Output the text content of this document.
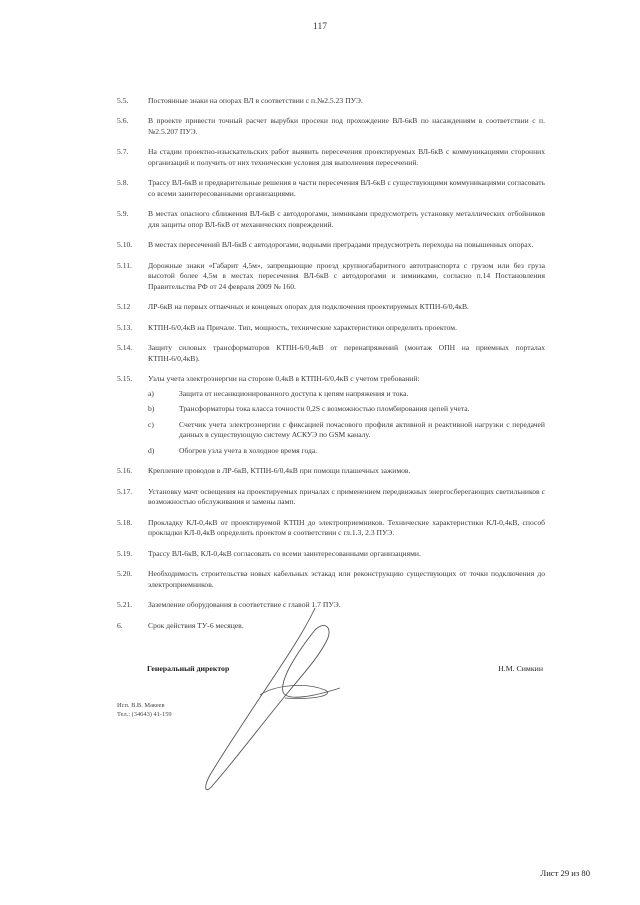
117
5.5.	Постоянные знаки на опорах ВЛ в соответствии с п.№2.5.23 ПУЭ.
5.6.	В проекте привести точный расчет вырубки просеки под прохождение ВЛ-6кВ по насаждениям в соответствии с п.№2.5.207 ПУЭ.
5.7.	На стадии проектно-изыскательских работ выявить пересечения проектируемых ВЛ-6кВ с коммуникациями сторонних организаций и получить от них технические условия для выполнения пересечений.
5.8.	Трассу ВЛ-6кВ и предварительные решения в части пересечения ВЛ-6кВ с существующими коммуникациями согласовать со всеми заинтересованными организациями.
5.9.	В местах опасного сближения ВЛ-6кВ с автодорогами, зимниками предусмотреть установку металлических отбойников для защиты опор ВЛ-6кВ от механических повреждений.
5.10.	В местах пересечений ВЛ-6кВ с автодорогами, водными преградами предусмотреть переходы на повышенных опорах.
5.11.	Дорожные знаки «Габарит 4,5м», запрещающие проезд крупногабаритного автотранспорта с грузом или без груза высотой более 4,5м в местах пересечения ВЛ-6кВ с автодорогами и зимниками, согласно п.14 Постановления Правительства РФ от 24 февраля 2009 № 160.
5.12	ЛР-6кВ на первых отпаечных и концевых опорах для подключения проектируемых КТПН-6/0,4кВ.
5.13.	КТПН-6/0,4кВ на Причале. Тип, мощность, технические характеристики определить проектом.
5.14.	Защиту силовых трансформаторов КТПН-6/0,4кВ от перенапряжений (монтаж ОПН на приемных порталах КТПН-6/0,4кВ).
5.15.	Узлы учета электроэнергии на стороне 0,4кВ в КТПН-6/0,4кВ с учетом требований:
a)	Защита от несанкционированного доступа к цепям напряжения и тока.
b)	Трансформаторы тока класса точности 0,2S с возможностью пломбирования цепей учета.
c)	Счетчик учета электроэнергии с фиксацией почасового профиля активной и реактивной нагрузки с передачей данных в существующую систему АСКУЭ по GSM каналу.
d)	Обогрев узла учета в холодное время года.
5.16.	Крепление проводов в ЛР-6кВ, КТПН-6/0,4кВ при помощи плашечных зажимов.
5.17.	Установку мачт освещения на проектируемых причалах с применением передвижных энергосберегающих светильников с возможностью обслуживания и замены ламп.
5.18.	Прокладку КЛ-0,4кВ от проектируемой КТПН до электроприемников. Технические характеристики КЛ-0,4кВ, способ прокладки КЛ-0,4кВ определить проектом в соответствии с гл.1.3, 2.3 ПУЭ.
5.19.	Трассу ВЛ-6кВ, КЛ-0,4кВ согласовать со всеми заинтересованными организациями.
5.20.	Необходимость строительства новых кабельных эстакад или реконструкцию существующих от точки подключения до электроприемников.
5.21.	Заземление оборудования в соответствие с главой 1.7 ПУЭ.
6.	Срок действия ТУ-6 месяцев.
Генеральный директор	Н.М. Симкин
Исп. В.В. Макеев
Тел.: (34643) 41-159
Лист 29 из 80
